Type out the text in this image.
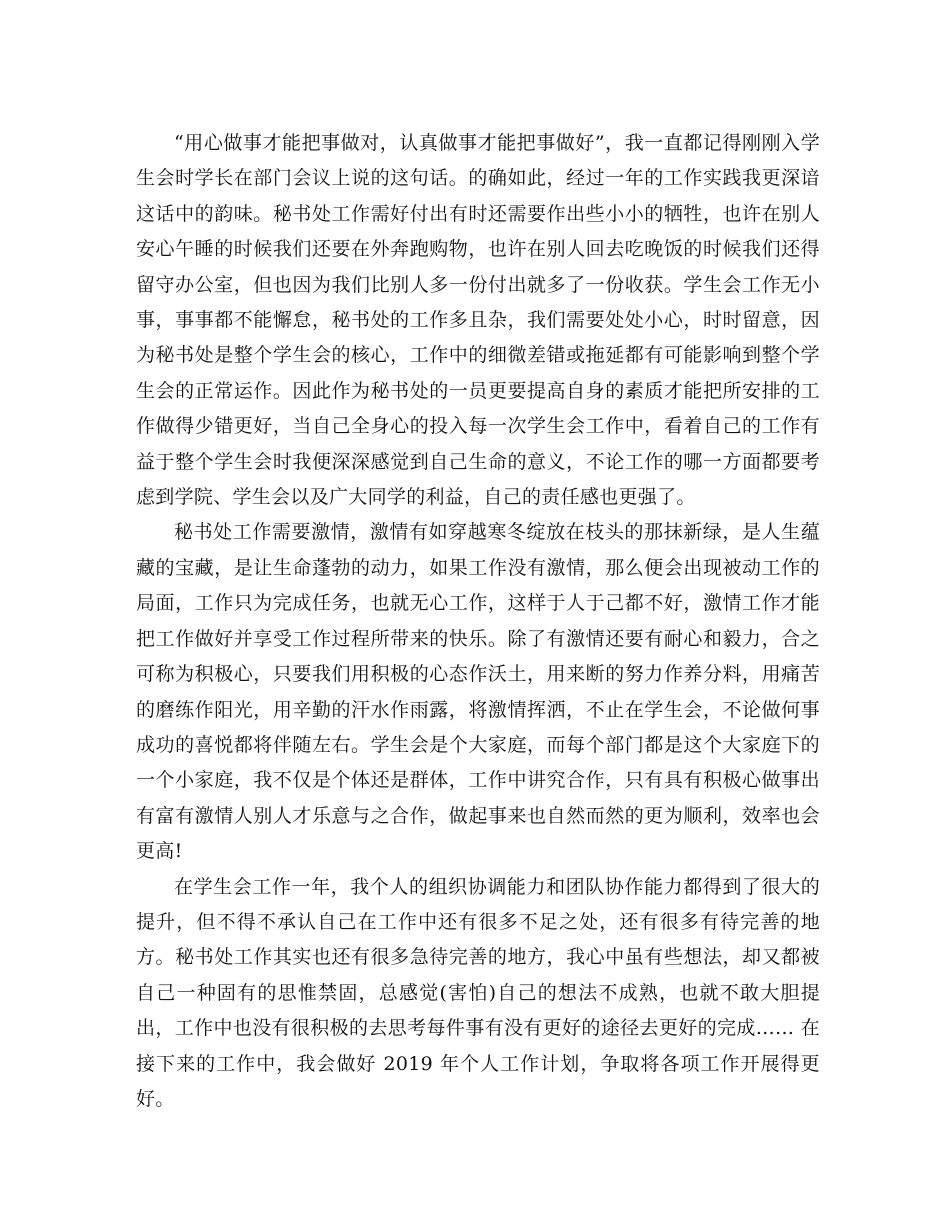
“用心做事才能把事做对，认真做事才能把事做好”，我一直都记得刚刚入学生会时学长在部门会议上说的这句话。的确如此，经过一年的工作实践我更深谙这话中的韵味。秘书处工作需好付出有时还需要作出些小小的牺牲，也许在别人安心午睡的时候我们还要在外奔跑购物，也许在别人回去吃晚饭的时候我们还得留守办公室，但也因为我们比别人多一份付出就多了一份收获。学生会工作无小事，事事都不能懈怠，秘书处的工作多且杂，我们需要处处小心，时时留意，因为秘书处是整个学生会的核心，工作中的细微差错或拖延都有可能影响到整个学生会的正常运作。因此作为秘书处的一员更要提高自身的素质才能把所安排的工作做得少错更好，当自己全身心的投入每一次学生会工作中，看着自己的工作有益于整个学生会时我便深深感觉到自己生命的意义，不论工作的哪一方面都要考虑到学院、学生会以及广大同学的利益，自己的责任感也更强了。

秘书处工作需要激情，激情有如穿越寒冬绽放在枝头的那抹新绿，是人生蕴藏的宝藏，是让生命蓬勃的动力，如果工作没有激情，那么便会出现被动工作的局面，工作只为完成任务，也就无心工作，这样于人于己都不好，激情工作才能把工作做好并享受工作过程所带来的快乐。除了有激情还要有耐心和毅力，合之可称为积极心，只要我们用积极的心态作沃土，用来断的努力作养分料，用痛苦的磨练作阳光，用辛勤的汗水作雨露，将激情挥洒，不止在学生会，不论做何事成功的喜悦都将伴随左右。学生会是个大家庭，而每个部门都是这个大家庭下的一个小家庭，我不仅是个体还是群体，工作中讲究合作，只有具有积极心做事出有富有激情人别人才乐意与之合作，做起事来也自然而然的更为顺利，效率也会更高!

在学生会工作一年，我个人的组织协调能力和团队协作能力都得到了很大的提升，但不得不承认自己在工作中还有很多不足之处，还有很多有待完善的地方。秘书处工作其实也还有很多急待完善的地方，我心中虽有些想法，却又都被自己一种固有的思惟禁固，总感觉(害怕)自己的想法不成熟，也就不敢大胆提出，工作中也没有很积极的去思考每件事有没有更好的途径去更好的完成…… 在接下来的工作中，我会做好 2019 年个人工作计划，争取将各项工作开展得更好。
